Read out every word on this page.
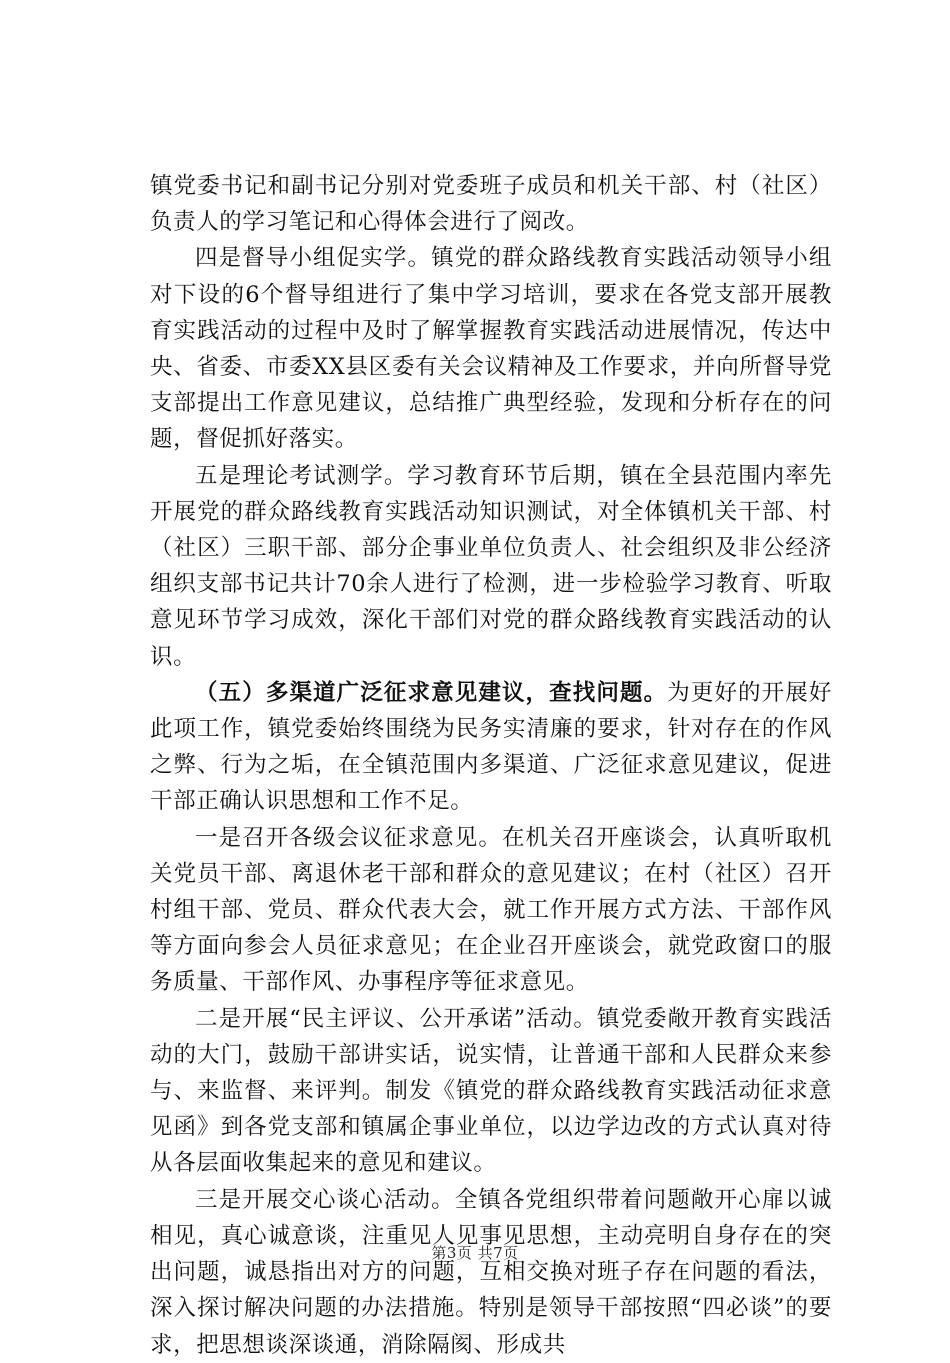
镇党委书记和副书记分别对党委班子成员和机关干部、村（社区）负责人的学习笔记和心得体会进行了阅改。

四是督导小组促实学。镇党的群众路线教育实践活动领导小组对下设的6个督导组进行了集中学习培训，要求在各党支部开展教育实践活动的过程中及时了解掌握教育实践活动进展情况，传达中央、省委、市委XX县区委有关会议精神及工作要求，并向所督导党支部提出工作意见建议，总结推广典型经验，发现和分析存在的问题，督促抓好落实。

五是理论考试测学。学习教育环节后期，镇在全县范围内率先开展党的群众路线教育实践活动知识测试，对全体镇机关干部、村（社区）三职干部、部分企事业单位负责人、社会组织及非公经济组织支部书记共计70余人进行了检测，进一步检验学习教育、听取意见环节学习成效，深化干部们对党的群众路线教育实践活动的认识。

（五）多渠道广泛征求意见建议，查找问题。为更好的开展好此项工作，镇党委始终围绕为民务实清廉的要求，针对存在的作风之弊、行为之垢，在全镇范围内多渠道、广泛征求意见建议，促进干部正确认识思想和工作不足。

一是召开各级会议征求意见。在机关召开座谈会，认真听取机关党员干部、离退休老干部和群众的意见建议；在村（社区）召开村组干部、党员、群众代表大会，就工作开展方式方法、干部作风等方面向参会人员征求意见；在企业召开座谈会，就党政窗口的服务质量、干部作风、办事程序等征求意见。

二是开展“民主评议、公开承诺”活动。镇党委敞开教育实践活动的大门，鼓励干部讲实话，说实情，让普通干部和人民群众来参与、来监督、来评判。制发《镇党的群众路线教育实践活动征求意见函》到各党支部和镇属企事业单位，以边学边改的方式认真对待从各层面收集起来的意见和建议。

三是开展交心谈心活动。全镇各党组织带着问题敞开心扉以诚相见，真心诚意谈，注重见人见事见思想，主动亮明自身存在的突出问题，诚恳指出对方的问题，互相交换对班子存在问题的看法，深入探讨解决问题的办法措施。特别是领导干部按照“四必谈”的要求，把思想谈深谈通，消除隔阂、形成共

第3页 共7页
